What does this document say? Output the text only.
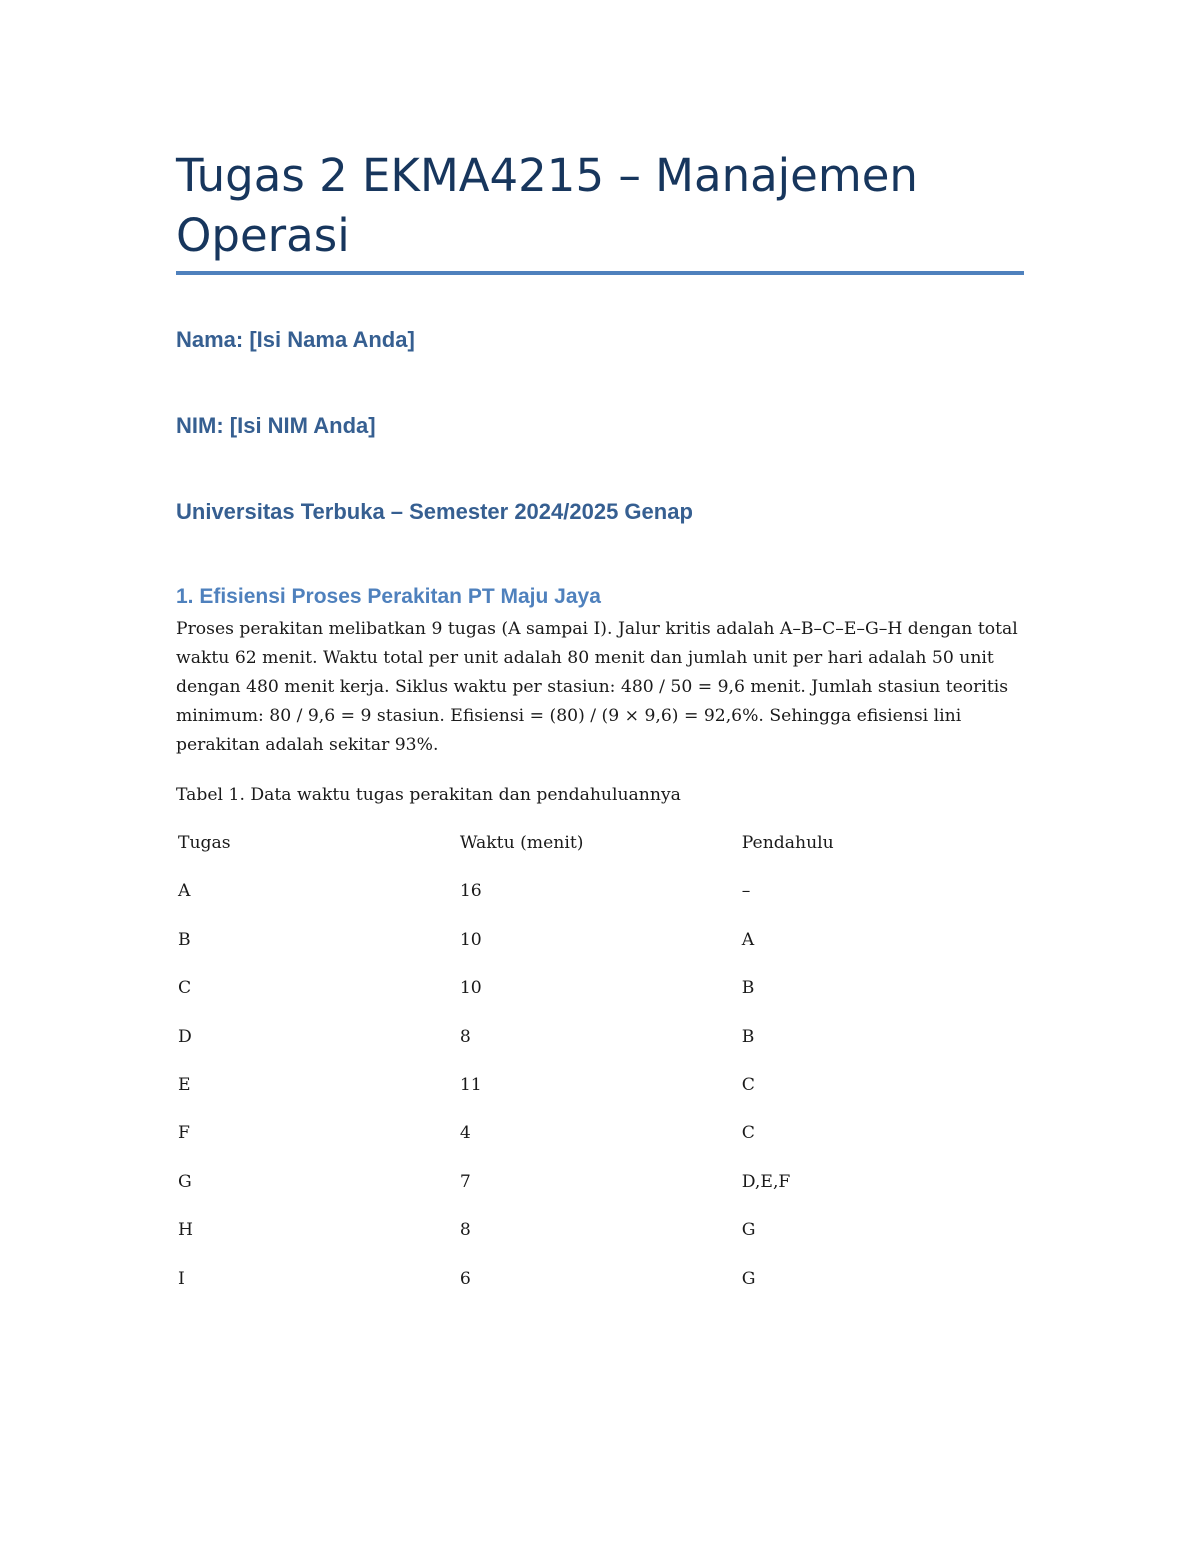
Tugas 2 EKMA4215 – Manajemen Operasi

Nama: [Isi Nama Anda]

NIM: [Isi NIM Anda]

Universitas Terbuka – Semester 2024/2025 Genap

1. Efisiensi Proses Perakitan PT Maju Jaya

Proses perakitan melibatkan 9 tugas (A sampai I). Jalur kritis adalah A–B–C–E–G–H dengan total waktu 62 menit. Waktu total per unit adalah 80 menit dan jumlah unit per hari adalah 50 unit dengan 480 menit kerja. Siklus waktu per stasiun: 480 / 50 = 9,6 menit. Jumlah stasiun teoritis minimum: 80 / 9,6 = 9 stasiun. Efisiensi = (80) / (9 × 9,6) = 92,6%. Sehingga efisiensi lini perakitan adalah sekitar 93%.

Tabel 1. Data waktu tugas perakitan dan pendahuluannya

Tugas	Waktu (menit)	Pendahulu
A	16	–
B	10	A
C	10	B
D	8	B
E	11	C
F	4	C
G	7	D,E,F
H	8	G
I	6	G
